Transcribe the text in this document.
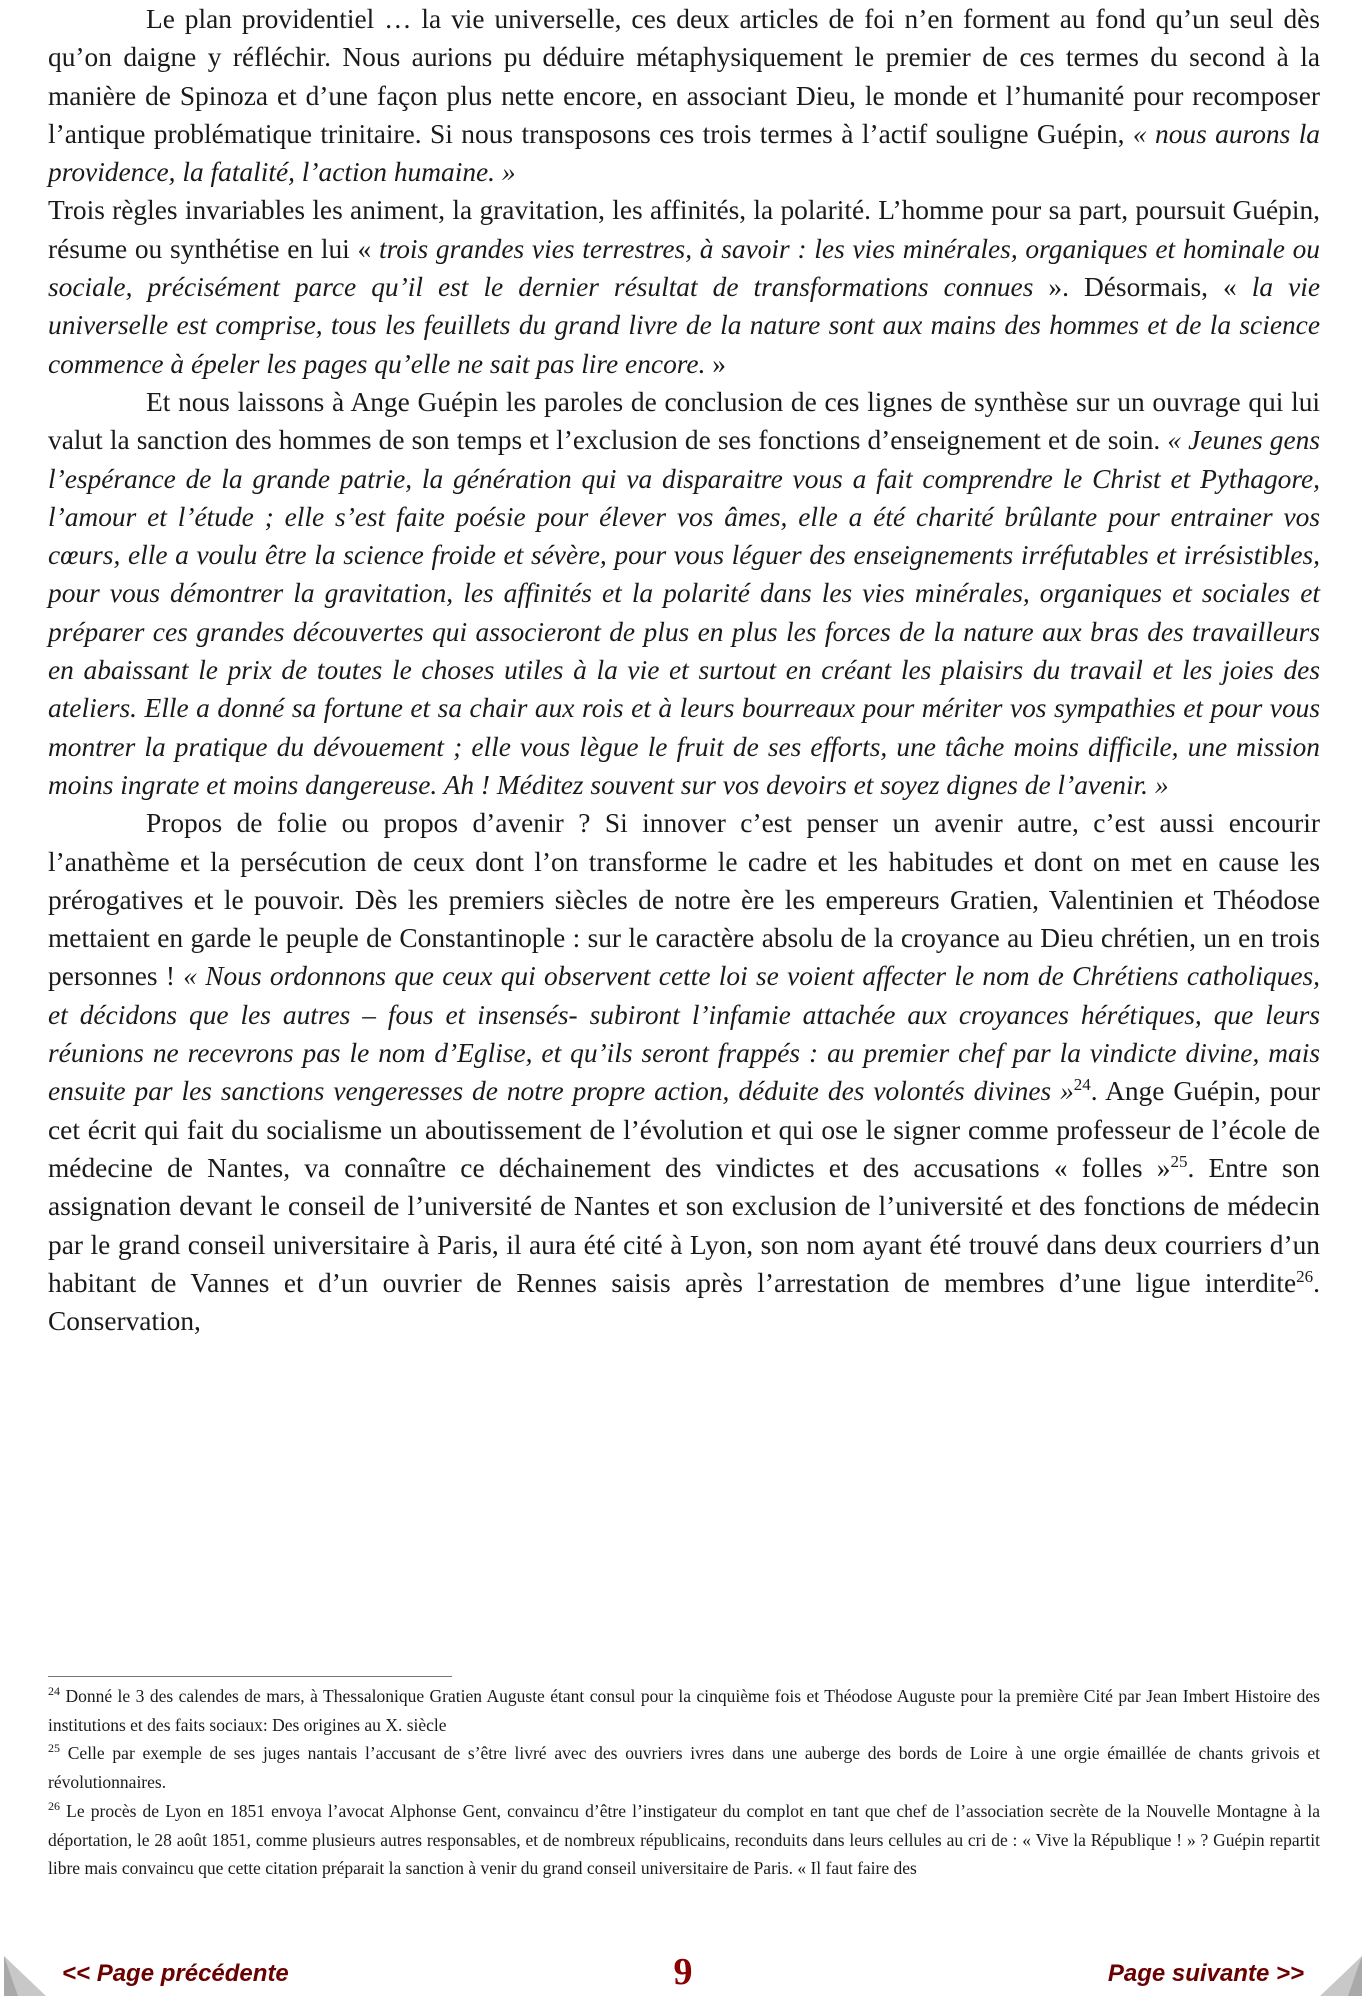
Le plan providentiel … la vie universelle, ces deux articles de foi n’en forment au fond qu’un seul dès qu’on daigne y réfléchir. Nous aurions pu déduire métaphysiquement le premier de ces termes du second à la manière de Spinoza et d’une façon plus nette encore, en associant Dieu, le monde et l’humanité pour recomposer l’antique problématique trinitaire. Si nous transposons ces trois termes à l’actif souligne Guépin, « nous aurons la providence, la fatalité, l’action humaine. »

Trois règles invariables les animent, la gravitation, les affinités, la polarité. L’homme pour sa part, poursuit Guépin, résume ou synthétise en lui « trois grandes vies terrestres, à savoir : les vies minérales, organiques et hominale ou sociale, précisément parce qu’il est le dernier résultat de transformations connues ». Désormais, « la vie universelle est comprise, tous les feuillets du grand livre de la nature sont aux mains des hommes et de la science commence à épeler les pages qu’elle ne sait pas lire encore. »

Et nous laissons à Ange Guépin les paroles de conclusion de ces lignes de synthèse sur un ouvrage qui lui valut la sanction des hommes de son temps et l’exclusion de ses fonctions d’enseignement et de soin. « Jeunes gens l’espérance de la grande patrie, la génération qui va disparaitre vous a fait comprendre le Christ et Pythagore, l’amour et l’étude ; elle s’est faite poésie pour élever vos âmes, elle a été charité brûlante pour entrainer vos cœurs, elle a voulu être la science froide et sévère, pour vous léguer des enseignements irréfutables et irrésistibles, pour vous démontrer la gravitation, les affinités et la polarité dans les vies minérales, organiques et sociales et préparer ces grandes découvertes qui associeront de plus en plus les forces de la nature aux bras des travailleurs en abaissant le prix de toutes le choses utiles à la vie et surtout en créant les plaisirs du travail et les joies des ateliers. Elle a donné sa fortune et sa chair aux rois et à leurs bourreaux pour mériter vos sympathies et pour vous montrer la pratique du dévouement ; elle vous lègue le fruit de ses efforts, une tâche moins difficile, une mission moins ingrate et moins dangereuse. Ah ! Méditez souvent sur vos devoirs et soyez dignes de l’avenir. »

Propos de folie ou propos d’avenir ? Si innover c’est penser un avenir autre, c’est aussi encourir l’anathème et la persécution de ceux dont l’on transforme le cadre et les habitudes et dont on met en cause les prérogatives et le pouvoir. Dès les premiers siècles de notre ère les empereurs Gratien, Valentinien et Théodose mettaient en garde le peuple de Constantinople : sur le caractère absolu de la croyance au Dieu chrétien, un en trois personnes ! « Nous ordonnons que ceux qui observent cette loi se voient affecter le nom de Chrétiens catholiques, et décidons que les autres – fous et insensés- subiront l’infamie attachée aux croyances hérétiques, que leurs réunions ne recevrons pas le nom d’Eglise, et qu’ils seront frappés : au premier chef par la vindicte divine, mais ensuite par les sanctions vengeresses de notre propre action, déduite des volontés divines »$^{24}$. Ange Guépin, pour cet écrit qui fait du socialisme un aboutissement de l’évolution et qui ose le signer comme professeur de l’école de médecine de Nantes, va connaître ce déchainement des vindictes et des accusations « folles »$^{25}$. Entre son assignation devant le conseil de l’université de Nantes et son exclusion de l’université et des fonctions de médecin par le grand conseil universitaire à Paris, il aura été cité à Lyon, son nom ayant été trouvé dans deux courriers d’un habitant de Vannes et d’un ouvrier de Rennes saisis après l’arrestation de membres d’une ligue interdite$^{26}$. Conservation,

$^{24}$ Donné le 3 des calendes de mars, à Thessalonique Gratien Auguste étant consul pour la cinquième fois et Théodose Auguste pour la première Cité par Jean Imbert Histoire des institutions et des faits sociaux: Des origines au X. siècle

$^{25}$ Celle par exemple de ses juges nantais l’accusant de s’être livré avec des ouvriers ivres dans une auberge des bords de Loire à une orgie émaillée de chants grivois et révolutionnaires.

$^{26}$ Le procès de Lyon en 1851 envoya l’avocat Alphonse Gent, convaincu d’être l’instigateur du complot en tant que chef de l’association secrète de la Nouvelle Montagne à la déportation, le 28 août 1851, comme plusieurs autres responsables, et de nombreux républicains, reconduits dans leurs cellules au cri de : « Vive la République ! » ? Guépin repartit libre mais convaincu que cette citation préparait la sanction à venir du grand conseil universitaire de Paris. « Il faut faire des

<< Page précédente	9	Page suivante >>
